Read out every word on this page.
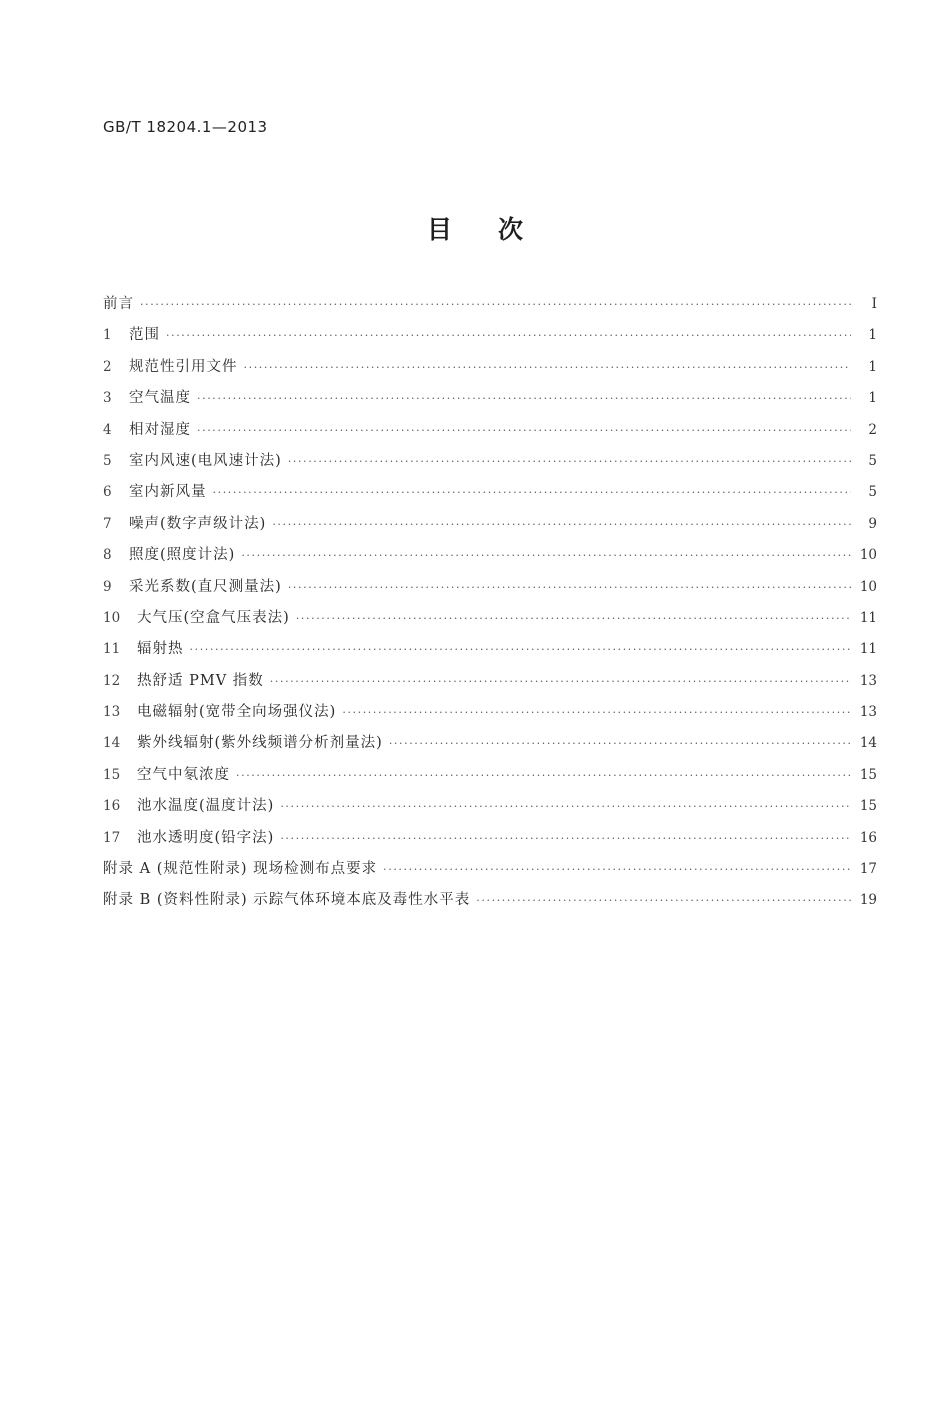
GB/T 18204.1—2013
目次
前言 ·····	Ⅰ
1	范围 ·····	1
2	规范性引用文件 ·····	1
3	空气温度 ·····	1
4	相对湿度 ·····	2
5	室内风速(电风速计法) ·····	5
6	室内新风量 ·····	5
7	噪声(数字声级计法) ·····	9
8	照度(照度计法) ·····	10
9	采光系数(直尺测量法) ·····	10
10	大气压(空盒气压表法) ·····	11
11	辐射热 ·····	11
12	热舒适 PMV 指数 ·····	13
13	电磁辐射(宽带全向场强仪法) ·····	13
14	紫外线辐射(紫外线频谱分析剂量法) ·····	14
15	空气中氡浓度 ·····	15
16	池水温度(温度计法) ·····	15
17	池水透明度(铅字法) ·····	16
附录 A (规范性附录) 现场检测布点要求 ·····	17
附录 B (资料性附录) 示踪气体环境本底及毒性水平表 ·····	19
